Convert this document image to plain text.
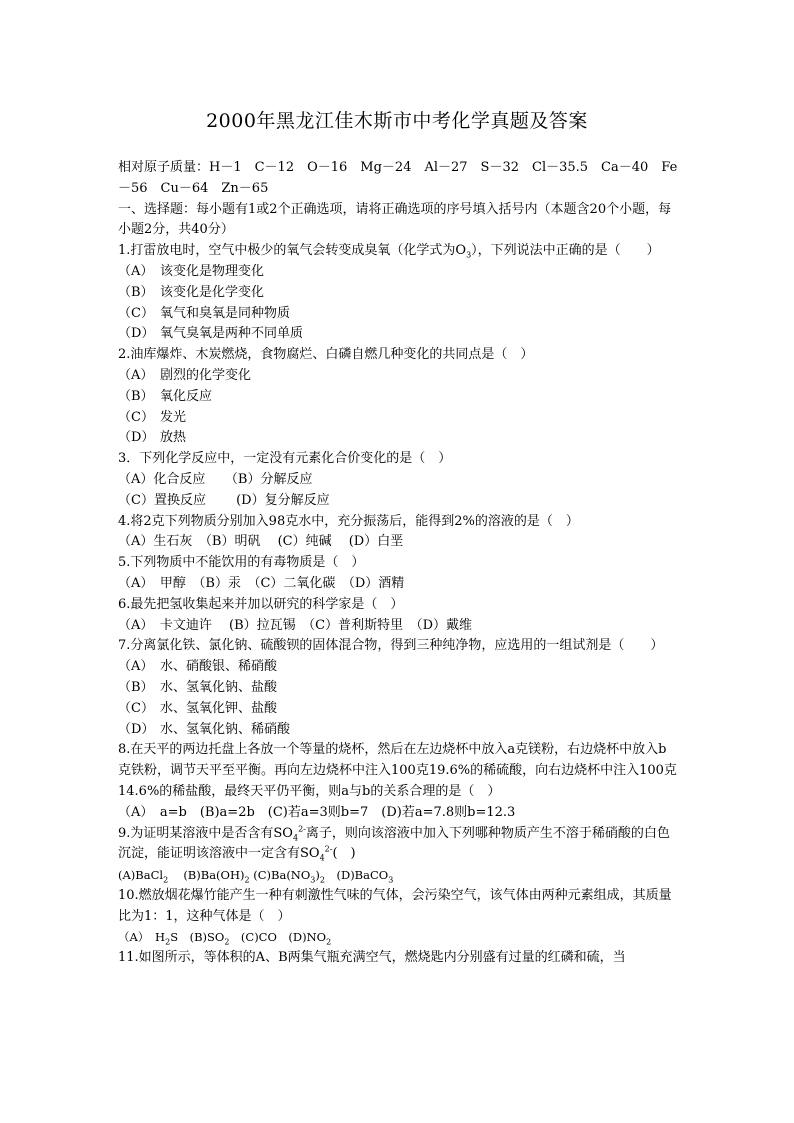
2000年黑龙江佳木斯市中考化学真题及答案
相对原子质量：H－1　C－12　O－16　Mg－24　Al－27　S－32　Cl－35.5　Ca－40　Fe－56　Cu－64　Zn－65
一、选择题：每小题有1或2个正确选项，请将正确选项的序号填入括号内（本题含20个小题，每小题2分，共40分）
1.打雷放电时，空气中极少的氧气会转变成臭氧（化学式为$O_3$），下列说法中正确的是（　　）
（A） 该变化是物理变化
（B） 该变化是化学变化
（C） 氧气和臭氧是同种物质
（D） 氧气臭氧是两种不同单质
2.油库爆炸、木炭燃烧，食物腐烂、白磷自燃几种变化的共同点是（　）
（A） 剧烈的化学变化
（B） 氧化反应
（C） 发光
（D） 放热
3．下列化学反应中，一定没有元素化合价变化的是（　）
（A）化合反应　　（B）分解反应
（C）置换反应　　 (D）复分解反应
4.将2克下列物质分别加入98克水中，充分振荡后，能得到2%的溶液的是（　）
（A）生石灰　（B）明矾　 (C）纯碱　 (D）白垩
5.下列物质中不能饮用的有毒物质是（　）
（A）　甲醇　（B）汞　（C）二氧化碳　（D）酒精
6.最先把氢收集起来并加以研究的科学家是（　）
（A）　卡文迪许　 (B）拉瓦锡　（C）普利斯特里　（D）戴维
7.分离氯化铁、氯化钠、硫酸钡的固体混合物，得到三种纯净物，应选用的一组试剂是（　　）
（A） 水、硝酸银、稀硝酸
（B） 水、氢氧化钠、盐酸
（C） 水、氢氧化钾、盐酸
（D） 水、氢氧化钠、稀硝酸
8.在天平的两边托盘上各放一个等量的烧杯，然后在左边烧杯中放入a克镁粉，右边烧杯中放入b克铁粉，调节天平至平衡。再向左边烧杯中注入100克19.6%的稀硫酸，向右边烧杯中注入100克14.6%的稀盐酸，最终天平仍平衡，则a与b的关系合理的是（　）
（A）　a=b　(B)a=2b　(C)若a=3则b=7　(D)若a=7.8则b=12.3
9.为证明某溶液中是否含有$SO_4^{2-}$离子，则向该溶液中加入下列哪种物质产生不溶于稀硝酸的白色沉淀，能证明该溶液中一定含有$SO_4^{2-}$(　)
(A)BaCl$_2$　 $(B)Ba(OH)_2$ $(C)Ba(NO_3)_2$　 (D)BaCO$_3$
10.燃放烟花爆竹能产生一种有刺激性气味的气体，会污染空气，该气体由两种元素组成，其质量比为1：1，这种气体是（　）
（A）　$H_2S$　 $(B)SO_2$　 (C)CO　 $(D)NO_2$
11.如图所示，等体积的A、B两集气瓶充满空气，燃烧匙内分别盛有过量的红磷和硫，当
